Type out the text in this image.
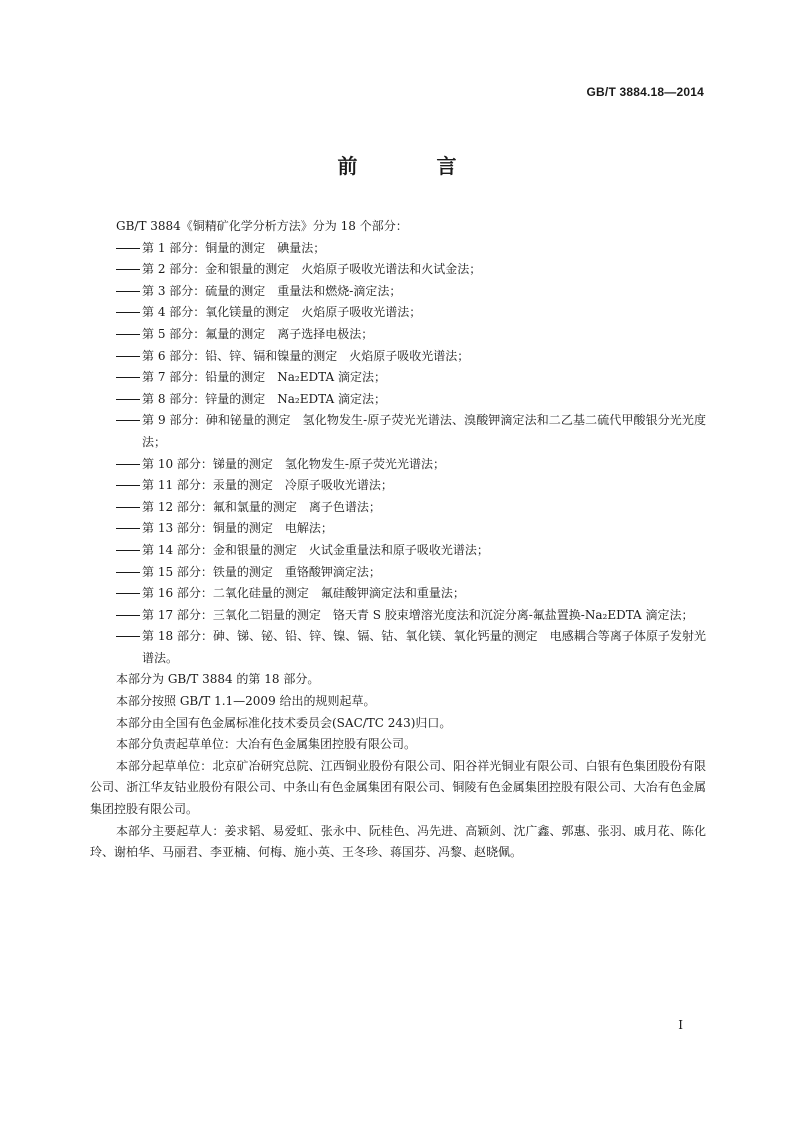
GB/T 3884.18—2014
前 言

GB/T 3884《铜精矿化学分析方法》分为 18 个部分：

第 1 部分：铜量的测定　碘量法；
第 2 部分：金和银量的测定　火焰原子吸收光谱法和火试金法；
第 3 部分：硫量的测定　重量法和燃烧-滴定法；
第 4 部分：氧化镁量的测定　火焰原子吸收光谱法；
第 5 部分：氟量的测定　离子选择电极法；
第 6 部分：铅、锌、镉和镍量的测定　火焰原子吸收光谱法；
第 7 部分：铅量的测定　Na₂EDTA 滴定法；
第 8 部分：锌量的测定　Na₂EDTA 滴定法；
第 9 部分：砷和铋量的测定　氢化物发生-原子荧光光谱法、溴酸钾滴定法和二乙基二硫代甲酸银分光光度法；
第 10 部分：锑量的测定　氢化物发生-原子荧光光谱法；
第 11 部分：汞量的测定　冷原子吸收光谱法；
第 12 部分：氟和氯量的测定　离子色谱法；
第 13 部分：铜量的测定　电解法；
第 14 部分：金和银量的测定　火试金重量法和原子吸收光谱法；
第 15 部分：铁量的测定　重铬酸钾滴定法；
第 16 部分：二氧化硅量的测定　氟硅酸钾滴定法和重量法；
第 17 部分：三氧化二铝量的测定　铬天青 S 胶束增溶光度法和沉淀分离-氟盐置换-Na₂EDTA 滴定法；
第 18 部分：砷、锑、铋、铅、锌、镍、镉、钴、氧化镁、氧化钙量的测定　电感耦合等离子体原子发射光谱法。

本部分为 GB/T 3884 的第 18 部分。

本部分按照 GB/T 1.1—2009 给出的规则起草。

本部分由全国有色金属标准化技术委员会(SAC/TC 243)归口。

本部分负责起草单位：大冶有色金属集团控股有限公司。

本部分起草单位：北京矿冶研究总院、江西铜业股份有限公司、阳谷祥光铜业有限公司、白银有色集团股份有限公司、浙江华友钴业股份有限公司、中条山有色金属集团有限公司、铜陵有色金属集团控股有限公司、大冶有色金属集团控股有限公司。

本部分主要起草人：姜求韬、易爱虹、张永中、阮桂色、冯先进、高颖剑、沈广鑫、郭惠、张羽、戚月花、陈化玲、谢柏华、马丽君、李亚楠、何梅、施小英、王冬珍、蒋国芬、冯黎、赵晓佩。

I
